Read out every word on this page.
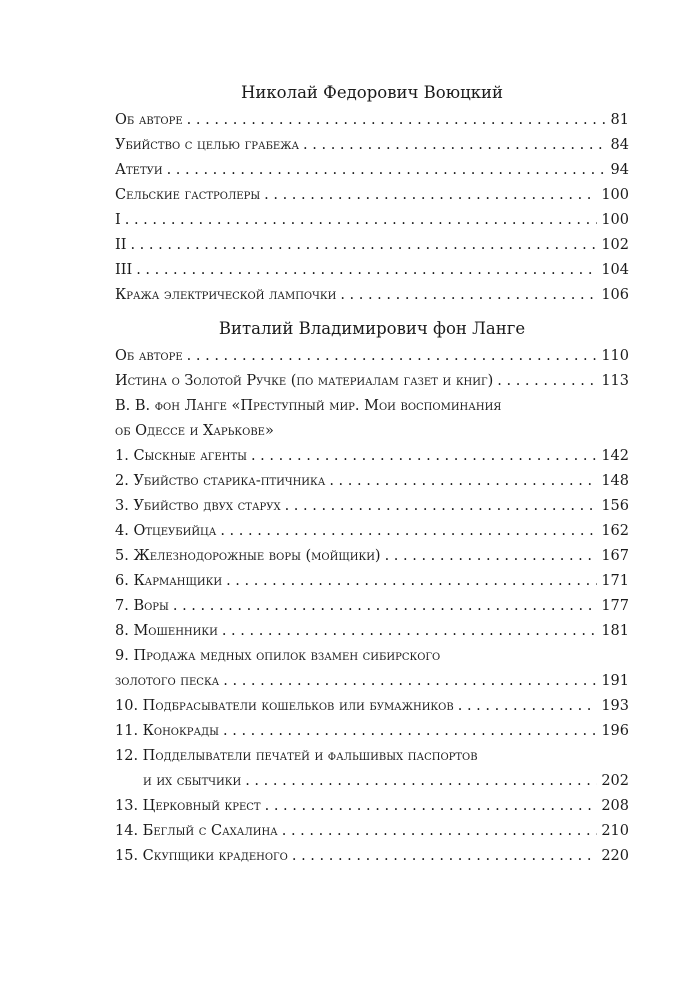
Николай Федорович Воюцкий
Об авторе . . .	81
Убийство с целью грабежа . . .	84
Атетуи . . .	94
Сельские гастролеры . . .	100
I . . .	100
II . . .	102
III . . .	104
Кража электрической лампочки . . .	106
Виталий Владимирович фон Ланге
Об авторе . . .	110
Истина о Золотой Ручке (по материалам газет и книг) . . .	113
В. В. фон Ланге «Преступный мир. Мои воспоминания
об Одессе и Харькове»
1. Сыскные агенты . . .	142
2. Убийство старика-птичника . . .	148
3. Убийство двух старух . . .	156
4. Отцеубийца . . .	162
5. Железнодорожные воры (мойщики) . . .	167
6. Карманщики . . .	171
7. Воры . . .	177
8. Мошенники . . .	181
9. Продажа медных опилок взамен сибирского
золотого песка . . .	191
10. Подбрасыватели кошельков или бумажников . . .	193
11. Конокрады . . .	196
12. Подделыватели печатей и фальшивых паспортов
и их сбытчики . . .	202
13. Церковный крест . . .	208
14. Беглый с Сахалина . . .	210
15. Скупщики краденого . . .	220
